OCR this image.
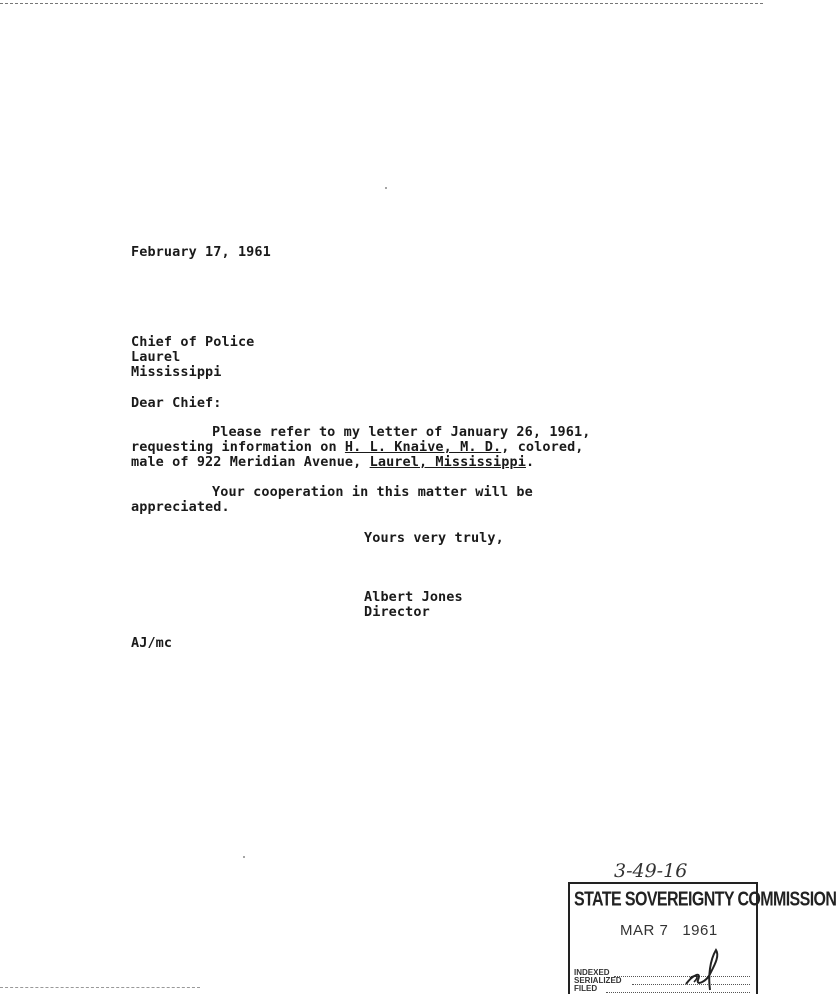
February 17, 1961

Chief of Police

Laurel

Mississippi

Dear Chief:

Please refer to my letter of January 26, 1961,

requesting information on H. L. Knaive, M. D., colored,

male of 922 Meridian Avenue, Laurel, Mississippi.

Your cooperation in this matter will be

appreciated.

Yours very truly,

Albert Jones

Director

AJ/mc

3-49-16

STATE SOVEREIGNTY COMMISSION

MAR 7   1961

INDEXED

SERIALIZED

FILED
